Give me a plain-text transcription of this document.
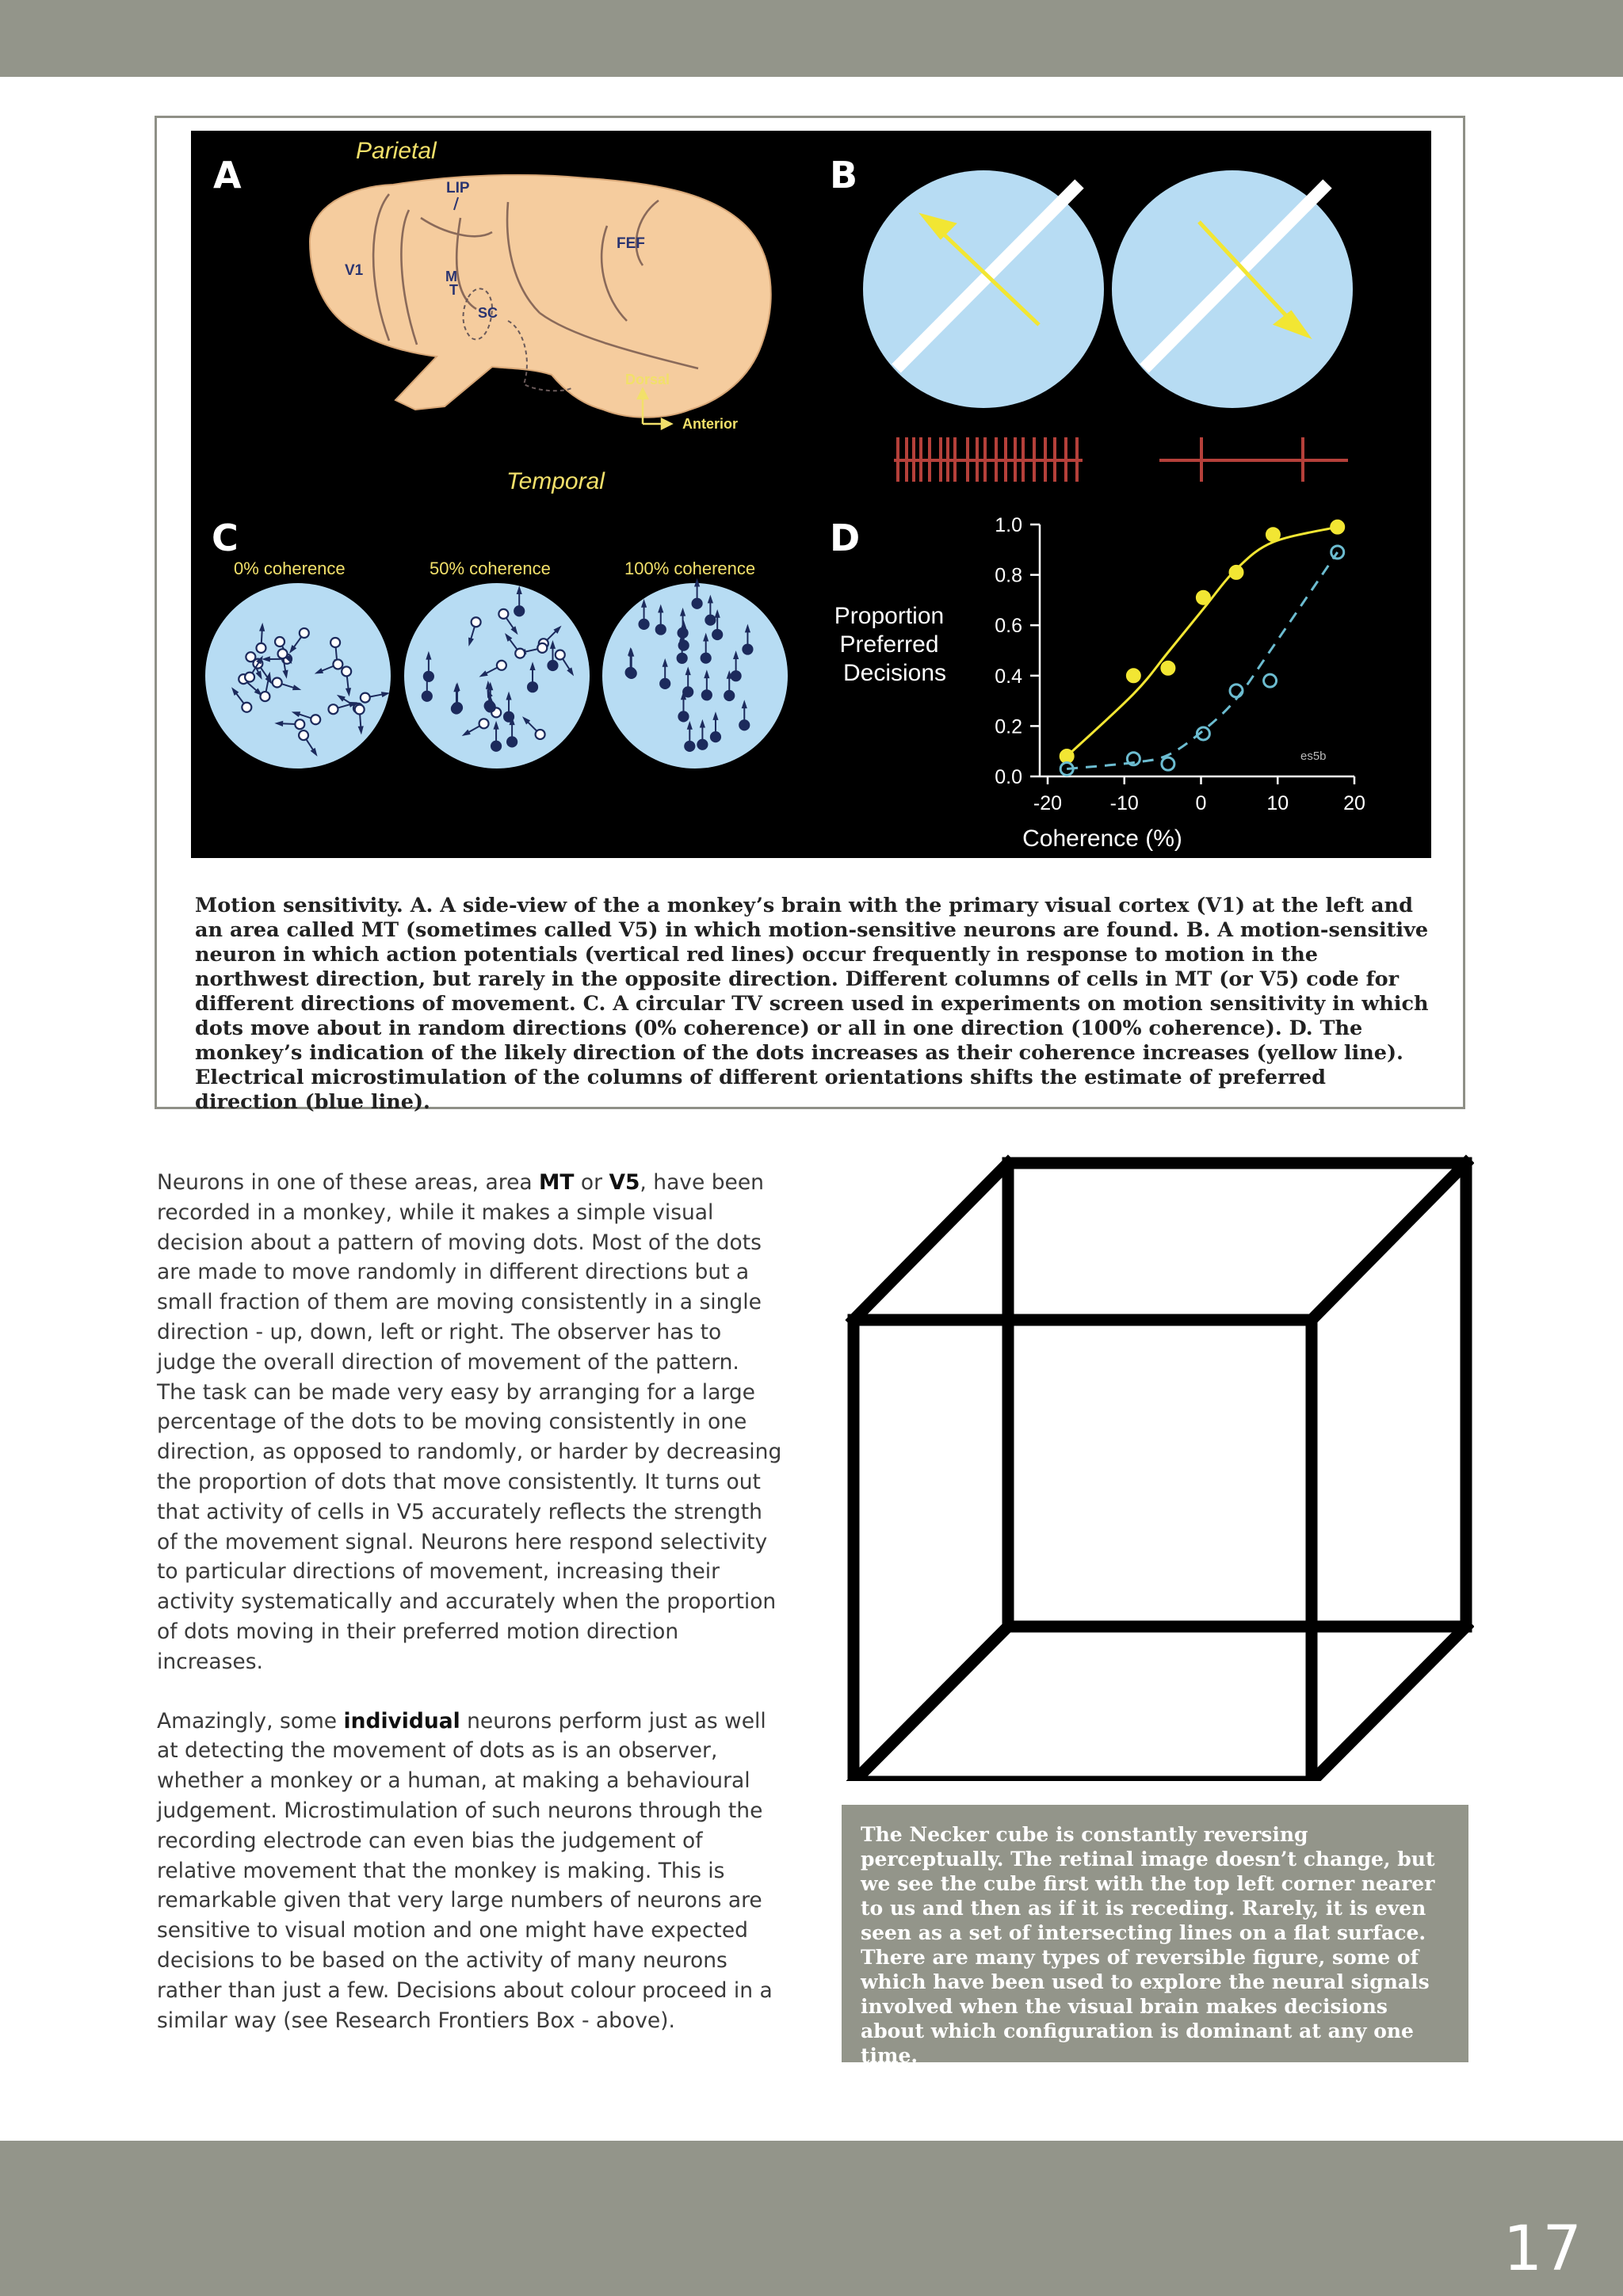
A
Parietal
Temporal
LIP
FEF
V1	M
T
SC
Dorsal
Anterior
B
C
0% coherence	50% coherence	100% coherence
D
Proportion
Preferred
Decisions
Coherence (%)
es5b
0.0
0.2
0.4
0.6
0.8
1.0
-20 -10	0	10	20
Motion sensitivity. A. A side-view of the a monkey’s brain with the primary visual cortex (V1) at the left and an area called MT (sometimes called V5) in which motion-sensitive neurons are found. B. A motion-sensitive neuron in which action potentials (vertical red lines) occur frequently in response to motion in the northwest direction, but rarely in the opposite direction. Different columns of cells in MT (or V5) code for different directions of movement. C. A circular TV screen used in experiments on motion sensitivity in which dots move about in random directions (0% coherence) or all in one direction (100% coherence). D. The monkey’s indication of the likely direction of the dots increases as their coherence increases (yellow line). Electrical microstimulation of the columns of different orientations shifts the estimate of preferred direction (blue line).

Neurons in one of these areas, area MT or V5, have been recorded in a monkey, while it makes a simple visual decision about a pattern of moving dots. Most of the dots are made to move randomly in different directions but a small fraction of them are moving consistently in a single direction - up, down, left or right. The observer has to judge the overall direction of movement of the pattern. The task can be made very easy by arranging for a large percentage of the dots to be moving consistently in one direction, as opposed to randomly, or harder by decreasing the proportion of dots that move consistently. It turns out that activity of cells in V5 accurately reflects the strength of the movement signal. Neurons here respond selectivity to particular directions of movement, increasing their activity systematically and accurately when the proportion of dots moving in their preferred motion direction increases.

Amazingly, some individual neurons perform just as well at detecting the movement of dots as is an observer, whether a monkey or a human, at making a behavioural judgement. Microstimulation of such neurons through the recording electrode can even bias the judgement of relative movement that the monkey is making. This is remarkable given that very large numbers of neurons are sensitive to visual motion and one might have expected decisions to be based on the activity of many neurons rather than just a few. Decisions about colour proceed in a similar way (see Research Frontiers Box - above).

The Necker cube is constantly reversing perceptually. The retinal image doesn’t change, but we see the cube first with the top left corner nearer to us and then as if it is receding. Rarely, it is even seen as a set of intersecting lines on a flat surface. There are many types of reversible figure, some of which have been used to explore the neural signals involved when the visual brain makes decisions about which configuration is dominant at any one time.
17
